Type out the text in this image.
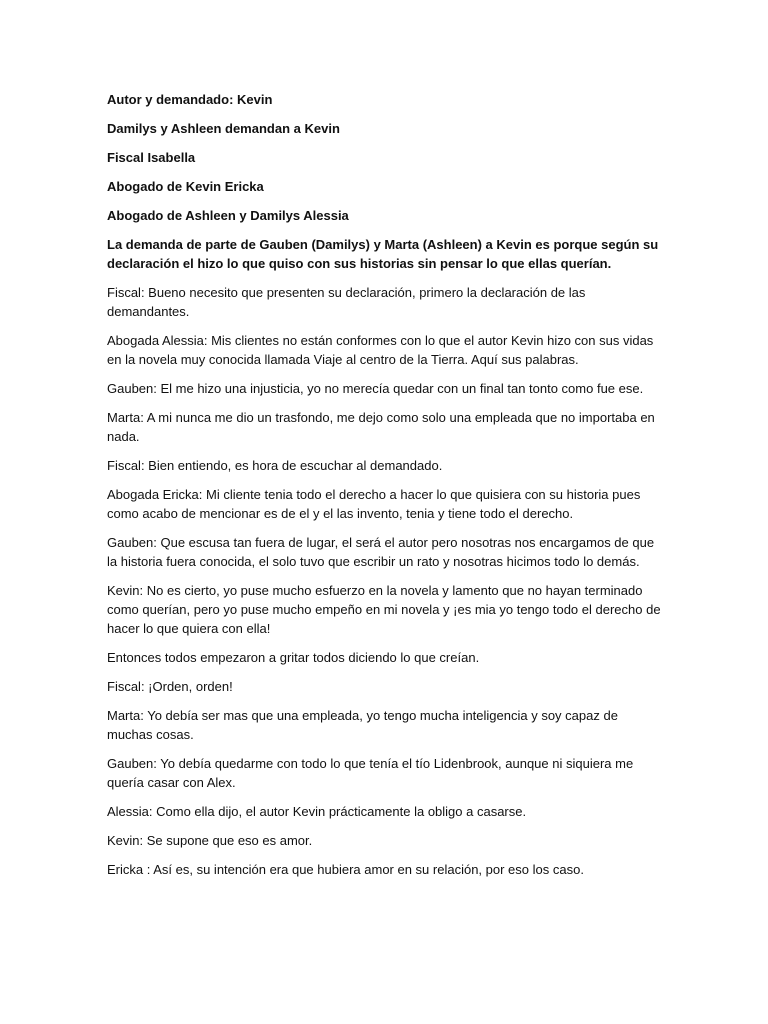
Autor y demandado: Kevin

Damilys y Ashleen demandan a Kevin

Fiscal Isabella

Abogado de Kevin Ericka

Abogado de Ashleen y Damilys Alessia

La demanda de parte de Gauben (Damilys) y Marta (Ashleen) a Kevin es porque según su declaración el hizo lo que quiso con sus historias sin pensar lo que ellas querían.

Fiscal: Bueno necesito que presenten su declaración, primero la declaración de las demandantes.

Abogada Alessia: Mis clientes no están conformes con lo que el autor Kevin hizo con sus vidas en la novela muy conocida llamada Viaje al centro de la Tierra. Aquí sus palabras.

Gauben: El me hizo una injusticia, yo no merecía quedar con un final tan tonto como fue ese.

Marta: A mi nunca me dio un trasfondo, me dejo como solo una empleada que no importaba en nada.

Fiscal: Bien entiendo, es hora de escuchar al demandado.

Abogada Ericka: Mi cliente tenia todo el derecho a hacer lo que quisiera con su historia pues como acabo de mencionar es de el y el las invento, tenia y tiene todo el derecho.

Gauben: Que escusa tan fuera de lugar, el será el autor pero nosotras nos encargamos de que la historia fuera conocida, el solo tuvo que escribir un rato y nosotras hicimos todo lo demás.

Kevin: No es cierto, yo puse mucho esfuerzo en la novela y lamento que no hayan terminado como querían, pero yo puse mucho empeño en mi novela y ¡es mia yo tengo todo el derecho de hacer lo que quiera con ella!

Entonces todos empezaron a gritar todos diciendo lo que creían.

Fiscal: ¡Orden, orden!

Marta: Yo debía ser mas que una empleada, yo tengo mucha inteligencia y soy capaz de muchas cosas.

Gauben: Yo debía quedarme con todo lo que tenía el tío Lidenbrook, aunque ni siquiera me quería casar con Alex.

Alessia: Como ella dijo, el autor Kevin prácticamente la obligo a casarse.

Kevin: Se supone que eso es amor.

Ericka : Así es, su intención era que hubiera amor en su relación, por eso los caso.
